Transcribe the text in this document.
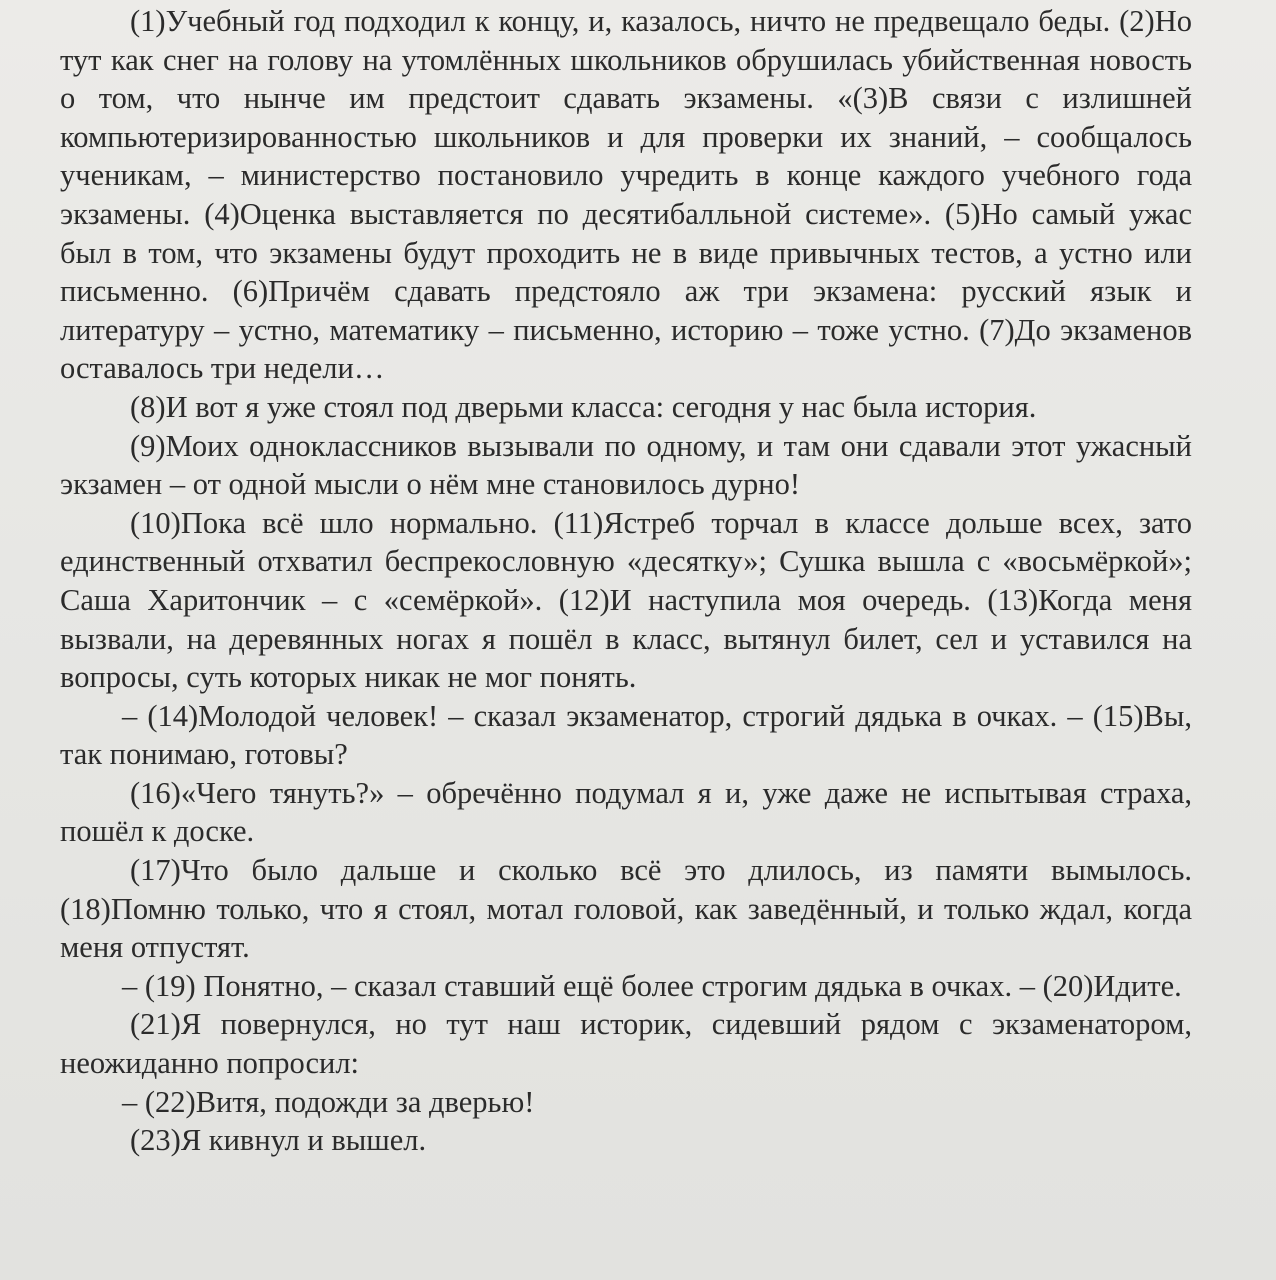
(1)Учебный год подходил к концу, и, казалось, ничто не предвещало беды. (2)Но тут как снег на голову на утомлённых школьников обрушилась убийственная новость о том, что нынче им предстоит сдавать экзамены. «(3)В связи с излишней компьютеризированностью школьников и для проверки их знаний, – сообщалось ученикам, – министерство постановило учредить в конце каждого учебного года экзамены. (4)Оценка выставляется по десятибалльной системе». (5)Но самый ужас был в том, что экзамены будут проходить не в виде привычных тестов, а устно или письменно. (6)Причём сдавать предстояло аж три экзамена: русский язык и литературу – устно, математику – письменно, историю – тоже устно. (7)До экзаменов оставалось три недели…

(8)И вот я уже стоял под дверьми класса: сегодня у нас была история.

(9)Моих одноклассников вызывали по одному, и там они сдавали этот ужасный экзамен – от одной мысли о нём мне становилось дурно!

(10)Пока всё шло нормально. (11)Ястреб торчал в классе дольше всех, зато единственный отхватил беспрекословную «десятку»; Сушка вышла с «восьмёркой»; Саша Харитончик – с «семёркой». (12)И наступила моя очередь. (13)Когда меня вызвали, на деревянных ногах я пошёл в класс, вытянул билет, сел и уставился на вопросы, суть которых никак не мог понять.

– (14)Молодой человек! – сказал экзаменатор, строгий дядька в очках. – (15)Вы, так понимаю, готовы?

(16)«Чего тянуть?» – обречённо подумал я и, уже даже не испытывая страха, пошёл к доске.

(17)Что было дальше и сколько всё это длилось, из памяти вымылось. (18)Помню только, что я стоял, мотал головой, как заведённый, и только ждал, когда меня отпустят.

– (19) Понятно, – сказал ставший ещё более строгим дядька в очках. – (20)Идите.

(21)Я повернулся, но тут наш историк, сидевший рядом с экзаменатором, неожиданно попросил:

– (22)Витя, подожди за дверью!

(23)Я кивнул и вышел.
